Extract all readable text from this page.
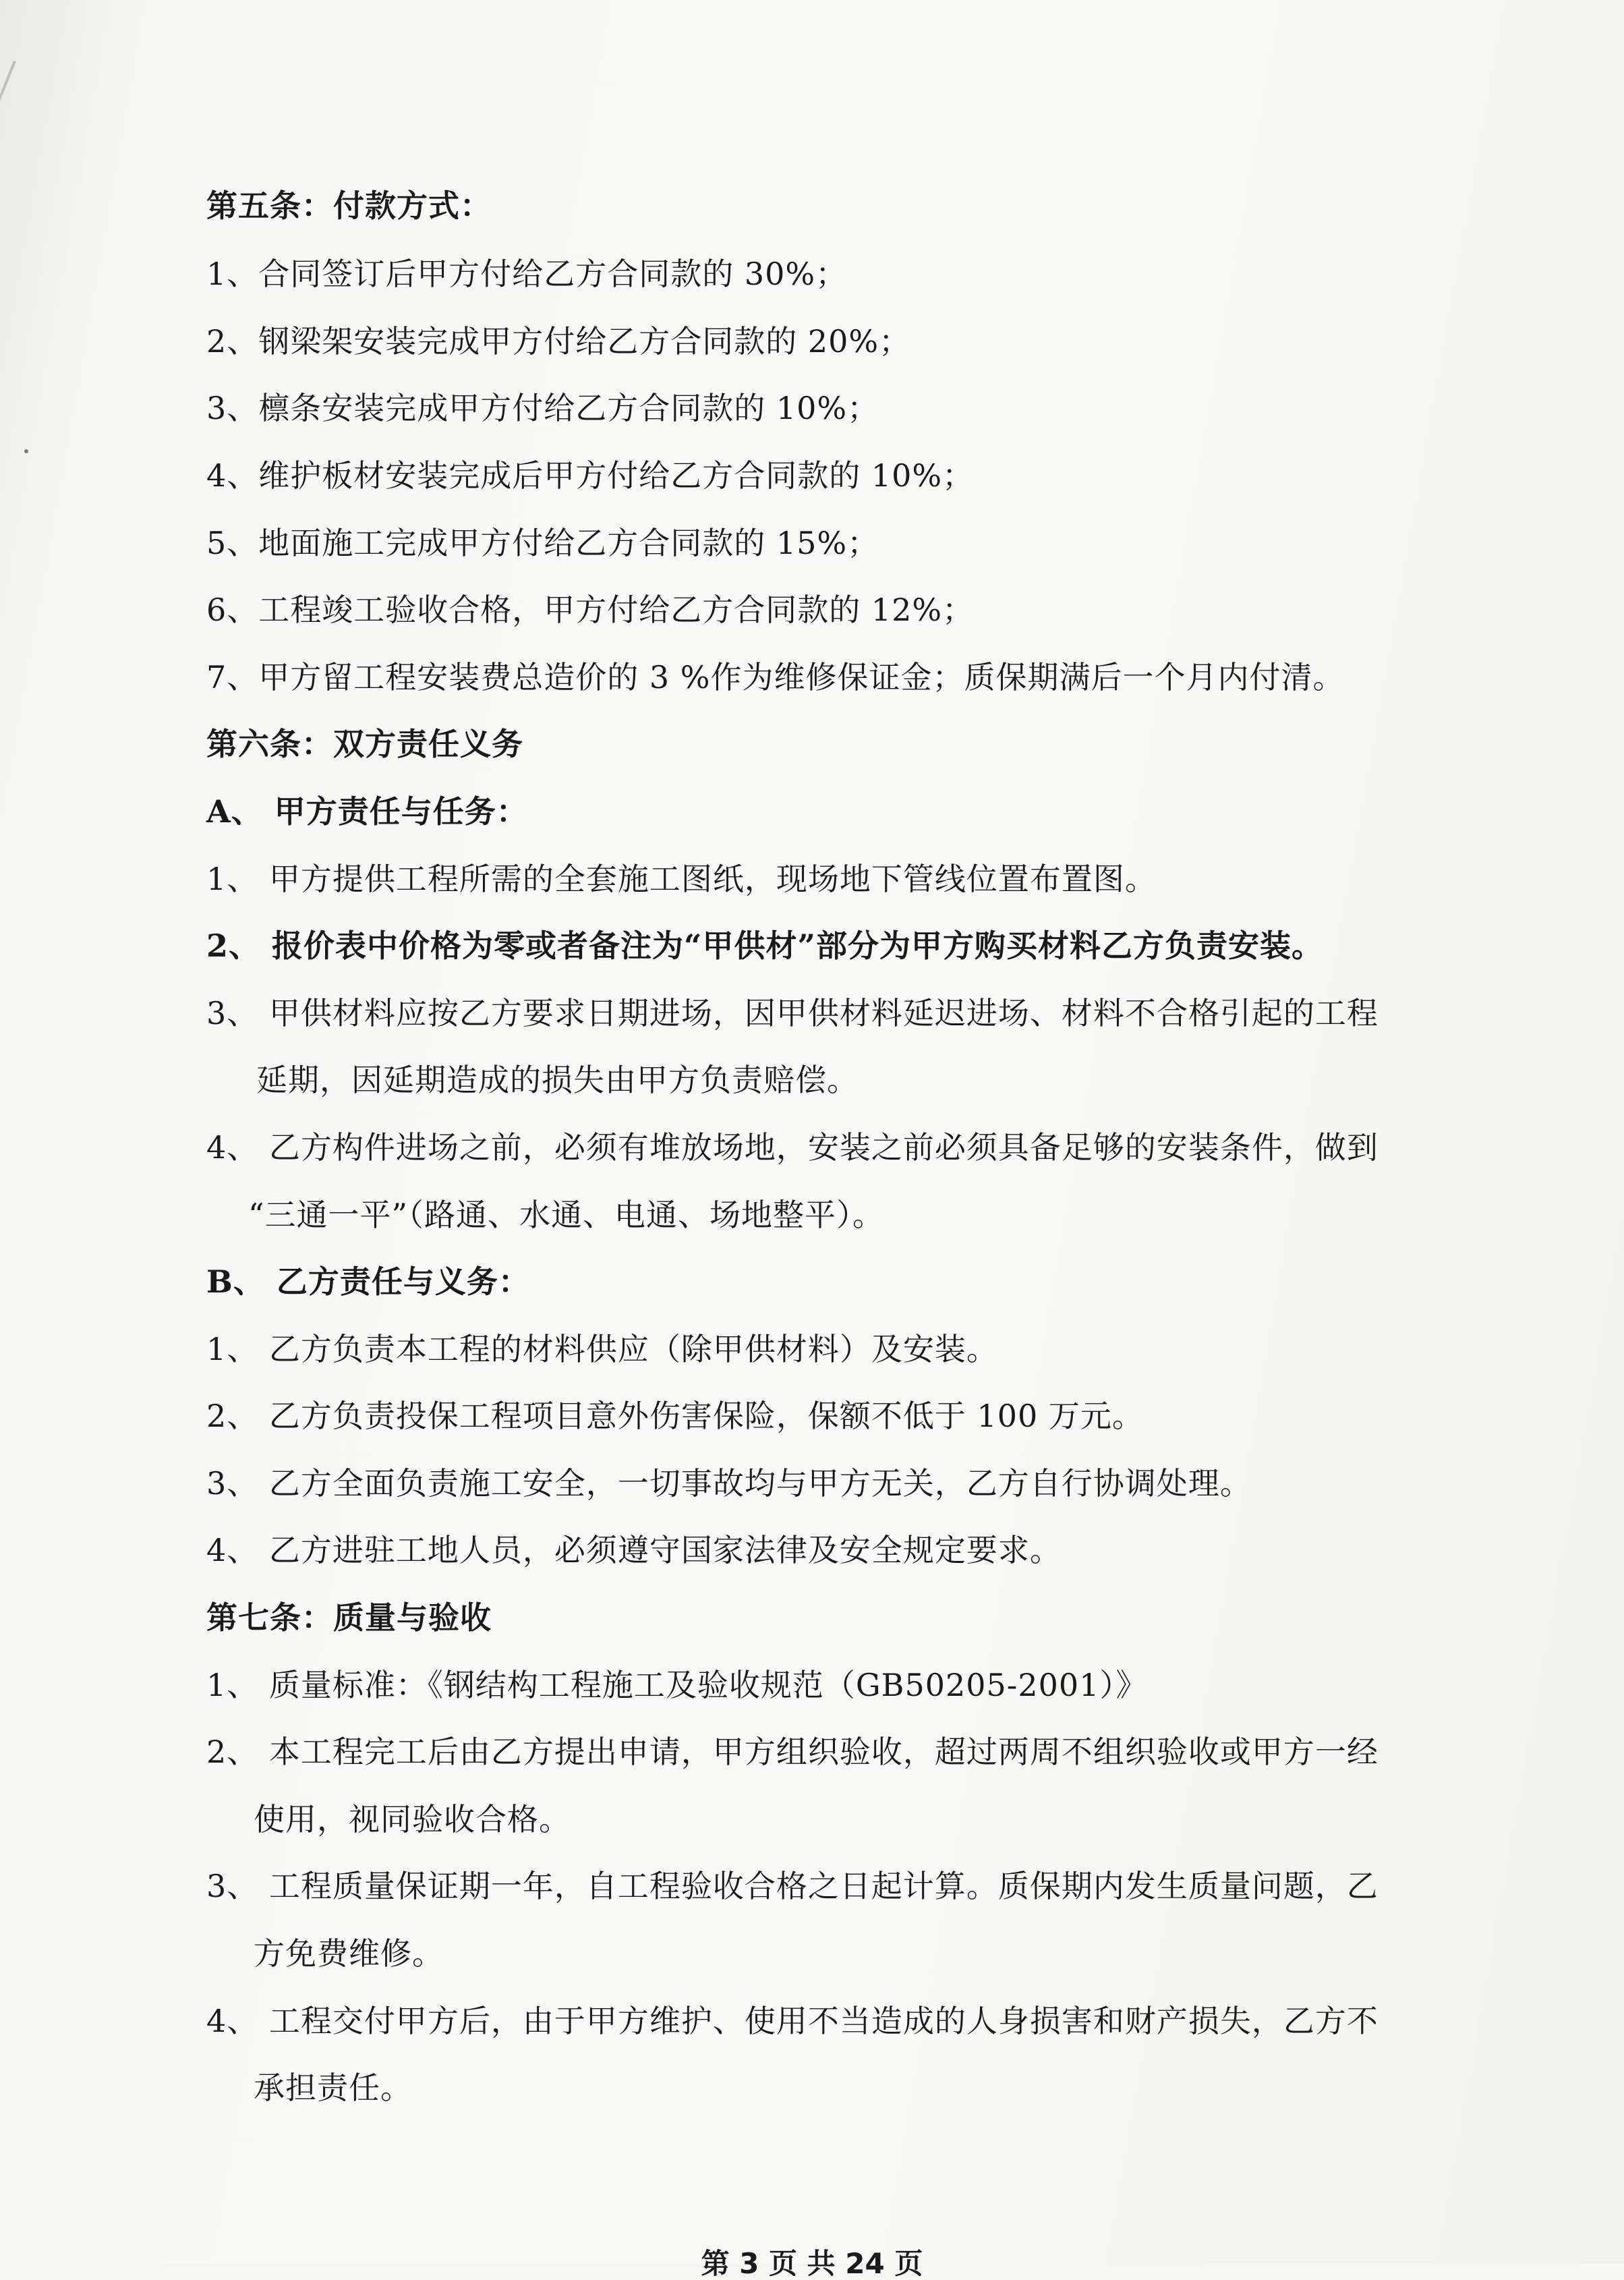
第五条：付款方式：
1、合同签订后甲方付给乙方合同款的 30%；
2、钢梁架安装完成甲方付给乙方合同款的 20%；
3、檩条安装完成甲方付给乙方合同款的 10%；
4、维护板材安装完成后甲方付给乙方合同款的 10%；
5、地面施工完成甲方付给乙方合同款的 15%；
6、工程竣工验收合格，甲方付给乙方合同款的 12%；
7、甲方留工程安装费总造价的 3 %作为维修保证金；质保期满后一个月内付清。
第六条：双方责任义务
A、 甲方责任与任务：
1、 甲方提供工程所需的全套施工图纸，现场地下管线位置布置图。
2、 报价表中价格为零或者备注为“甲供材”部分为甲方购买材料乙方负责安装。
3、 甲供材料应按乙方要求日期进场，因甲供材料延迟进场、材料不合格引起的工程
延期，因延期造成的损失由甲方负责赔偿。
4、 乙方构件进场之前，必须有堆放场地，安装之前必须具备足够的安装条件，做到
“三通一平”（路通、水通、电通、场地整平）。
B、 乙方责任与义务：
1、 乙方负责本工程的材料供应（除甲供材料）及安装。
2、 乙方负责投保工程项目意外伤害保险，保额不低于 100 万元。
3、 乙方全面负责施工安全，一切事故均与甲方无关，乙方自行协调处理。
4、 乙方进驻工地人员，必须遵守国家法律及安全规定要求。
第七条：质量与验收
1、 质量标准：《钢结构工程施工及验收规范（GB50205-2001）》
2、 本工程完工后由乙方提出申请，甲方组织验收，超过两周不组织验收或甲方一经
使用，视同验收合格。
3、 工程质量保证期一年，自工程验收合格之日起计算。质保期内发生质量问题，乙
方免费维修。
4、 工程交付甲方后，由于甲方维护、使用不当造成的人身损害和财产损失，乙方不
承担责任。
第 3 页 共 24 页
